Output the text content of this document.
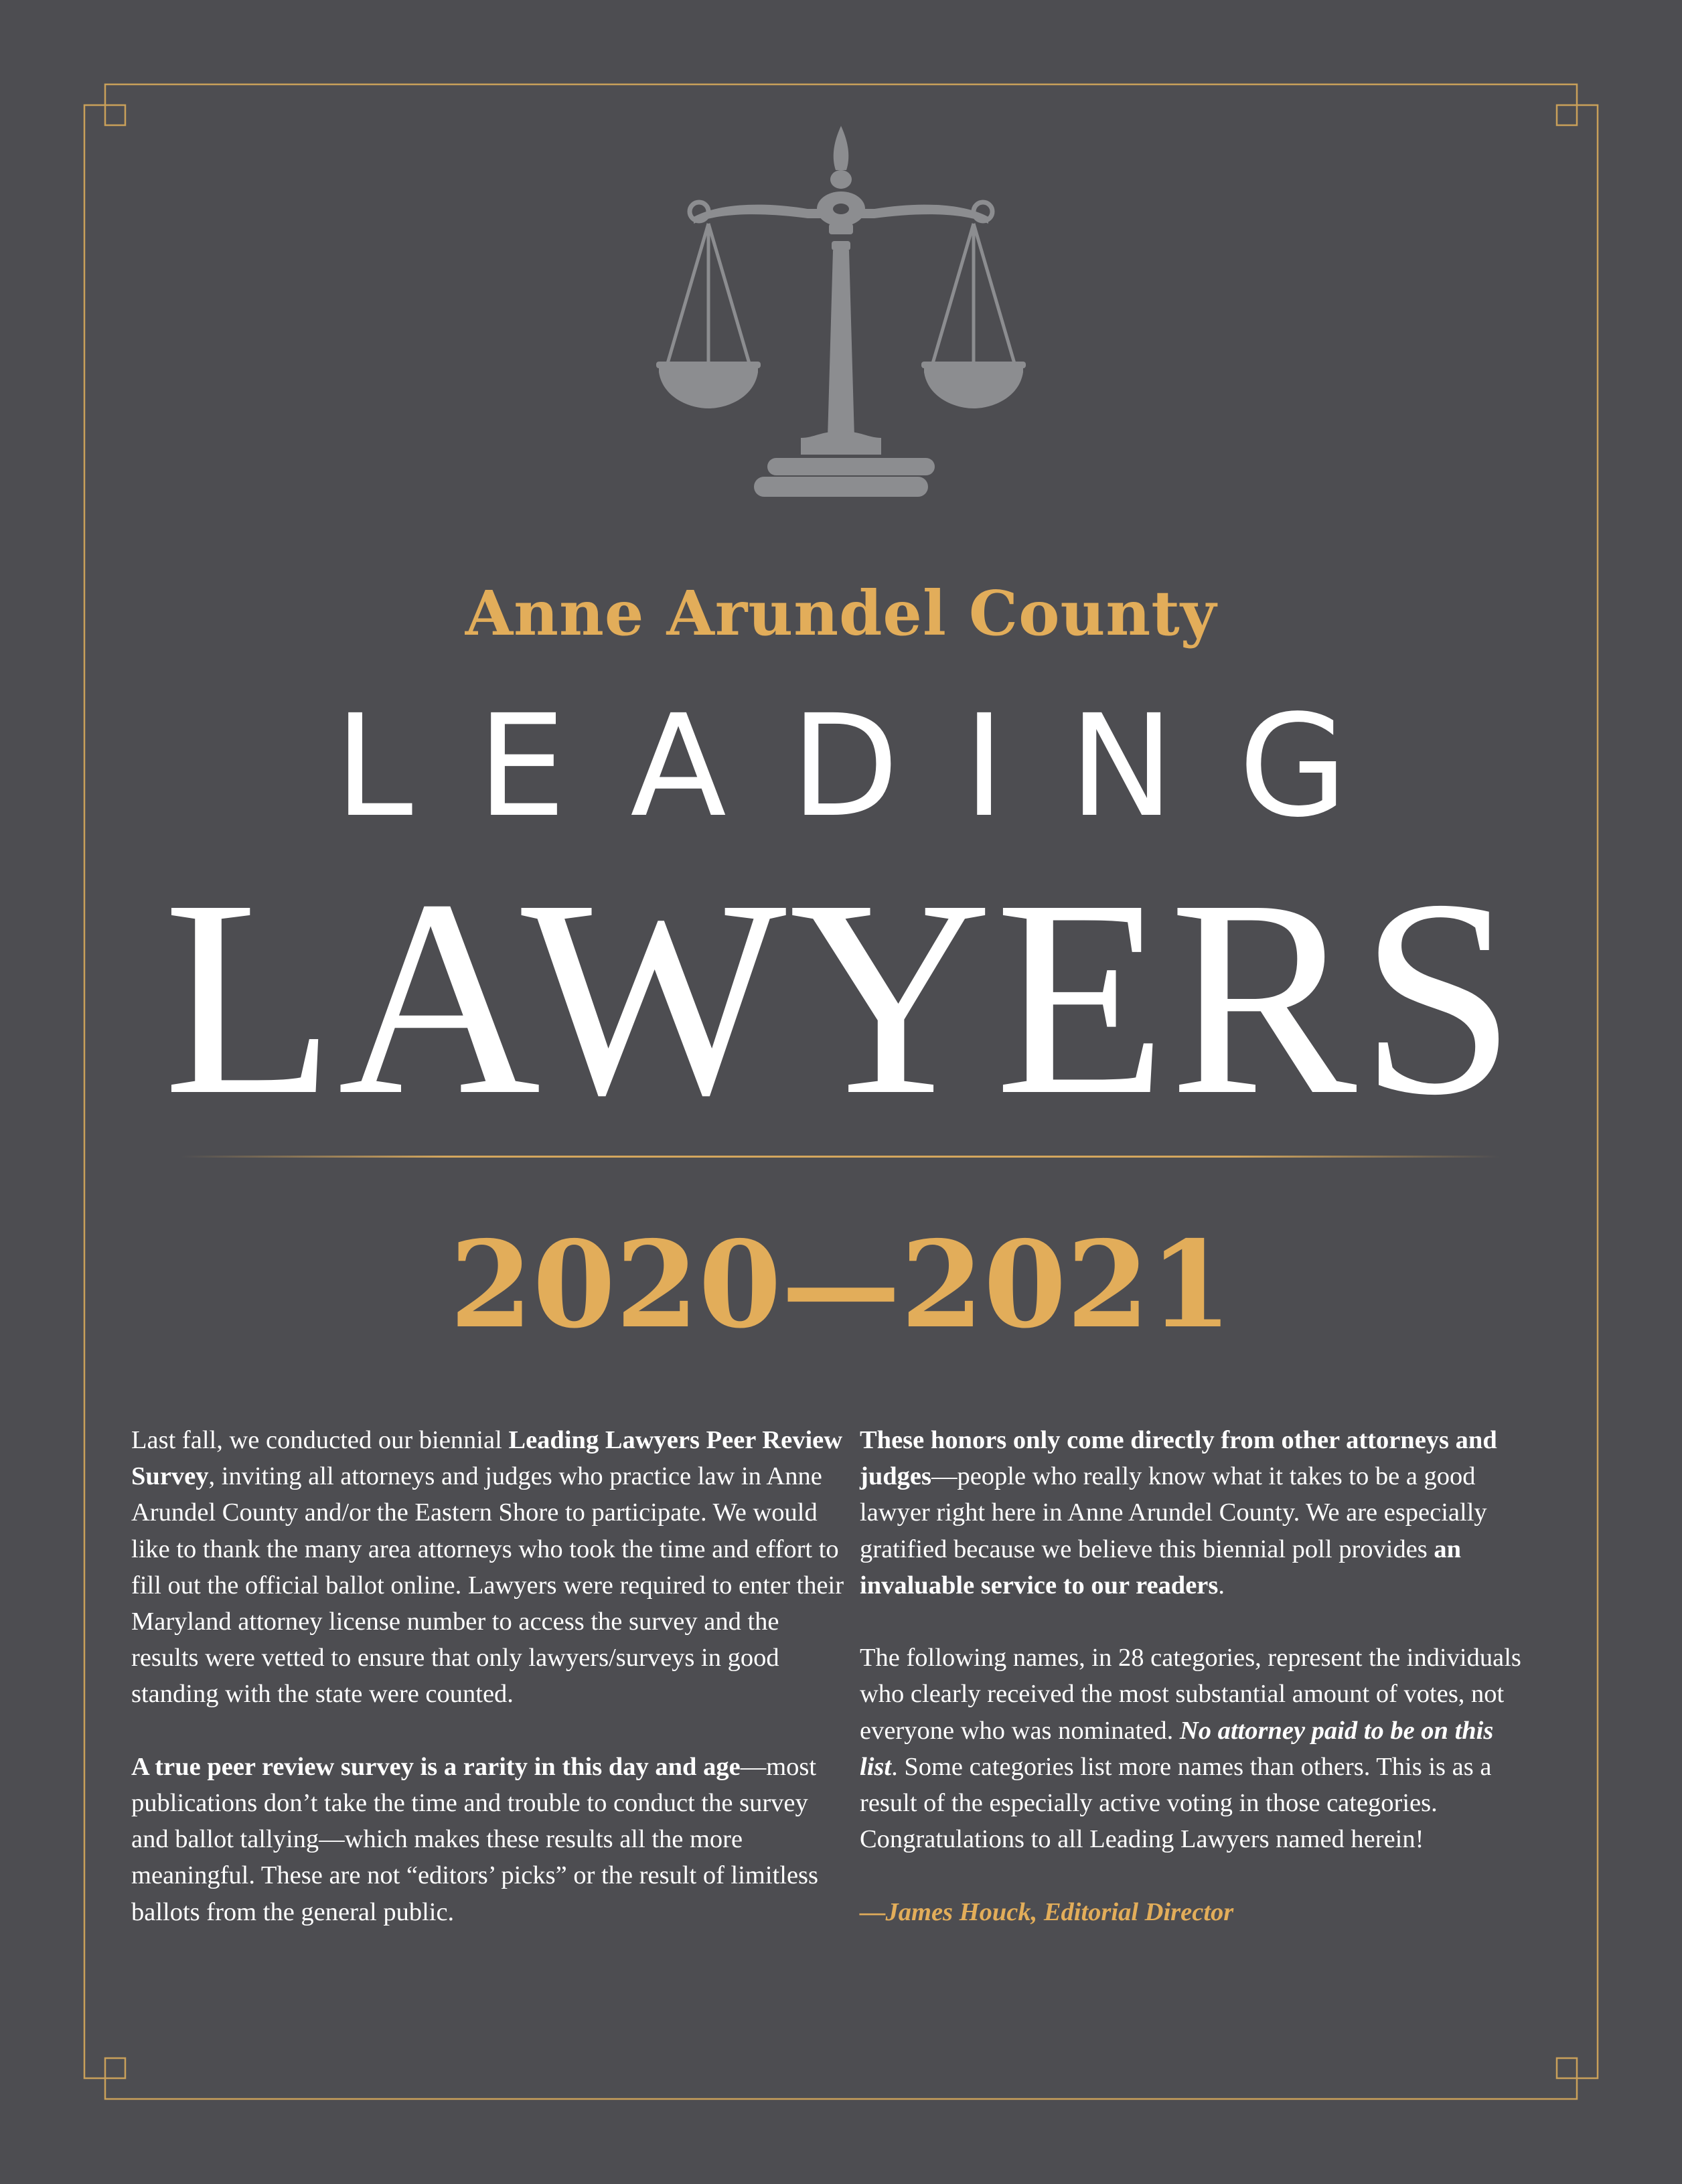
Anne Arundel County
LEADING
LAWYERS
2020—2021

Last fall, we conducted our biennial Leading Lawyers Peer Review Survey, inviting all attorneys and judges who practice law in Anne Arundel County and/or the Eastern Shore to participate. We would like to thank the many area attorneys who took the time and effort to fill out the official ballot online. Lawyers were required to enter their Maryland attorney license number to access the survey and the results were vetted to ensure that only lawyers/surveys in good standing with the state were counted.

A true peer review survey is a rarity in this day and age—most publications don’t take the time and trouble to conduct the survey and ballot tallying—which makes these results all the more meaningful. These are not “editors’ picks” or the result of limitless ballots from the general public.

These honors only come directly from other attorneys and judges—people who really know what it takes to be a good lawyer right here in Anne Arundel County. We are especially gratified because we believe this biennial poll provides an invaluable service to our readers.

The following names, in 28 categories, represent the individuals who clearly received the most substantial amount of votes, not everyone who was nominated. No attorney paid to be on this list. Some categories list more names than others. This is as a result of the especially active voting in those categories. Congratulations to all Leading Lawyers named herein!

—James Houck, Editorial Director
